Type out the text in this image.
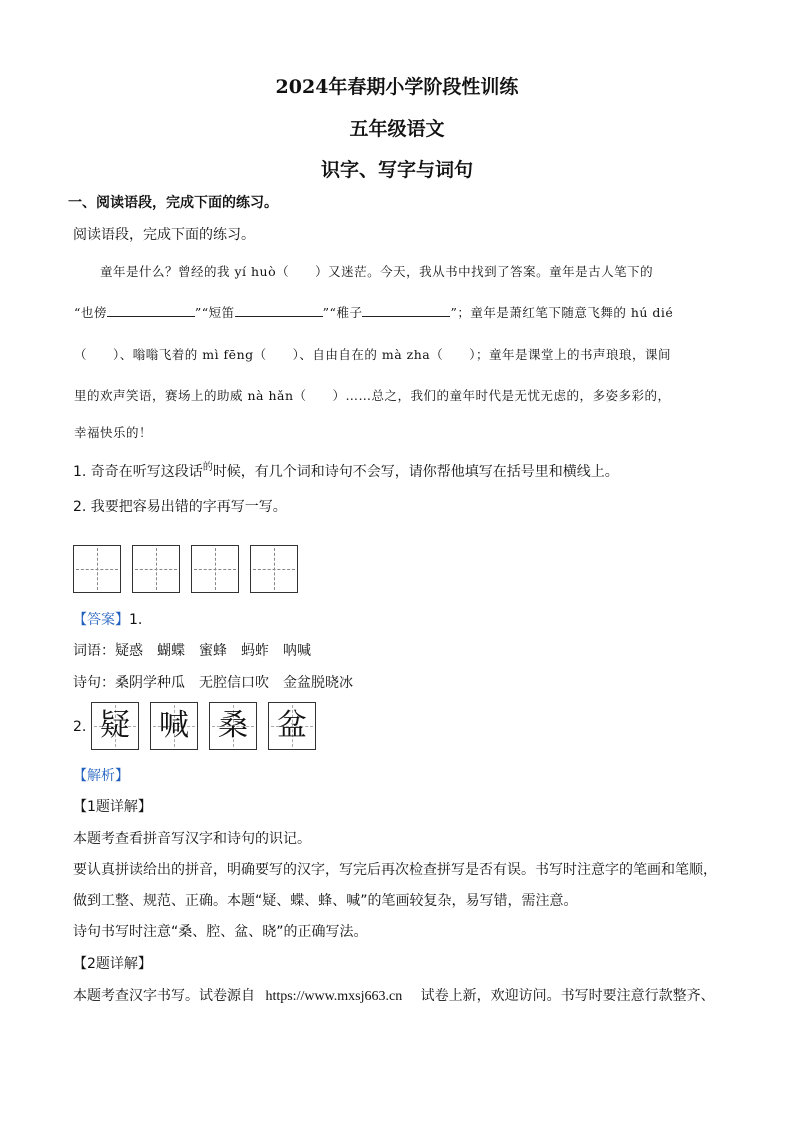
2024年春期小学阶段性训练
五年级语文
识字、写字与词句
一、阅读语段，完成下面的练习。
阅读语段，完成下面的练习。
童年是什么？曾经的我 yí huò（　　）又迷茫。今天，我从书中找到了答案。童年是古人笔下的
“也傍	”“短笛	”“稚子	”；童年是萧红笔下随意飞舞的 hú dié
（　　）、嗡嗡飞着的 mì fēng（　　）、自由自在的 mà zha（　　）；童年是课堂上的书声琅琅，课间
里的欢声笑语，赛场上的助威 nà hǎn（　　）……总之，我们的童年时代是无忧无虑的，多姿多彩的，
幸福快乐的！
1. 奇奇在听写这段话$^的$时候，有几个词和诗句不会写，请你帮他填写在括号里和横线上。
2. 我要把容易出错的字再写一写。
【答案】1.
词语：疑惑　蝴蝶　蜜蜂　蚂蚱　呐喊
诗句：桑阴学种瓜　无腔信口吹　金盆脱晓冰
2. 疑 喊 桑 盆
【解析】
【1题详解】
本题考查看拼音写汉字和诗句的识记。
要认真拼读给出的拼音，明确要写的汉字，写完后再次检查拼写是否有误。书写时注意字的笔画和笔顺，
做到工整、规范、正确。本题“疑、蝶、蜂、喊”的笔画较复杂，易写错，需注意。
诗句书写时注意“桑、腔、盆、晓”的正确写法。
【2题详解】
本题考查汉字书写。试卷源自 https://www.mxsj663.cn 试卷上新，欢迎访问。书写时要注意行款整齐、
